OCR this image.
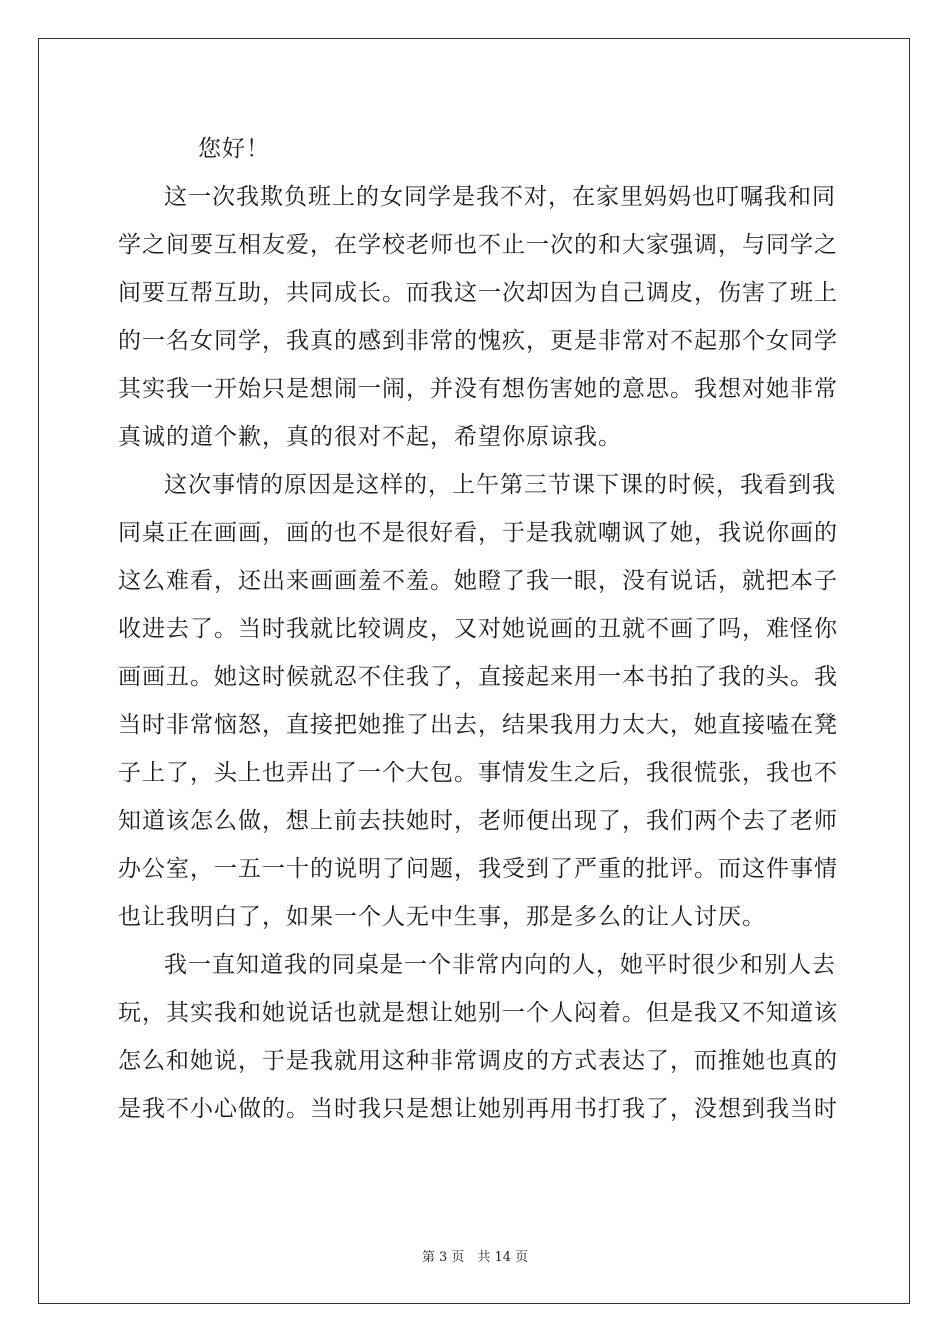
您好！
这一次我欺负班上的女同学是我不对，在家里妈妈也叮嘱我和同
学之间要互相友爱，在学校老师也不止一次的和大家强调，与同学之
间要互帮互助，共同成长。而我这一次却因为自己调皮，伤害了班上
的一名女同学，我真的感到非常的愧疚，更是非常对不起那个女同学
其实我一开始只是想闹一闹，并没有想伤害她的意思。我想对她非常
真诚的道个歉，真的很对不起，希望你原谅我。
这次事情的原因是这样的，上午第三节课下课的时候，我看到我
同桌正在画画，画的也不是很好看，于是我就嘲讽了她，我说你画的
这么难看，还出来画画羞不羞。她瞪了我一眼，没有说话，就把本子
收进去了。当时我就比较调皮，又对她说画的丑就不画了吗，难怪你
画画丑。她这时候就忍不住我了，直接起来用一本书拍了我的头。我
当时非常恼怒，直接把她推了出去，结果我用力太大，她直接嗑在凳
子上了，头上也弄出了一个大包。事情发生之后，我很慌张，我也不
知道该怎么做，想上前去扶她时，老师便出现了，我们两个去了老师
办公室，一五一十的说明了问题，我受到了严重的批评。而这件事情
也让我明白了，如果一个人无中生事，那是多么的让人讨厌。
我一直知道我的同桌是一个非常内向的人，她平时很少和别人去
玩，其实我和她说话也就是想让她别一个人闷着。但是我又不知道该
怎么和她说，于是我就用这种非常调皮的方式表达了，而推她也真的
是我不小心做的。当时我只是想让她别再用书打我了，没想到我当时
第 3 页　共 14 页
